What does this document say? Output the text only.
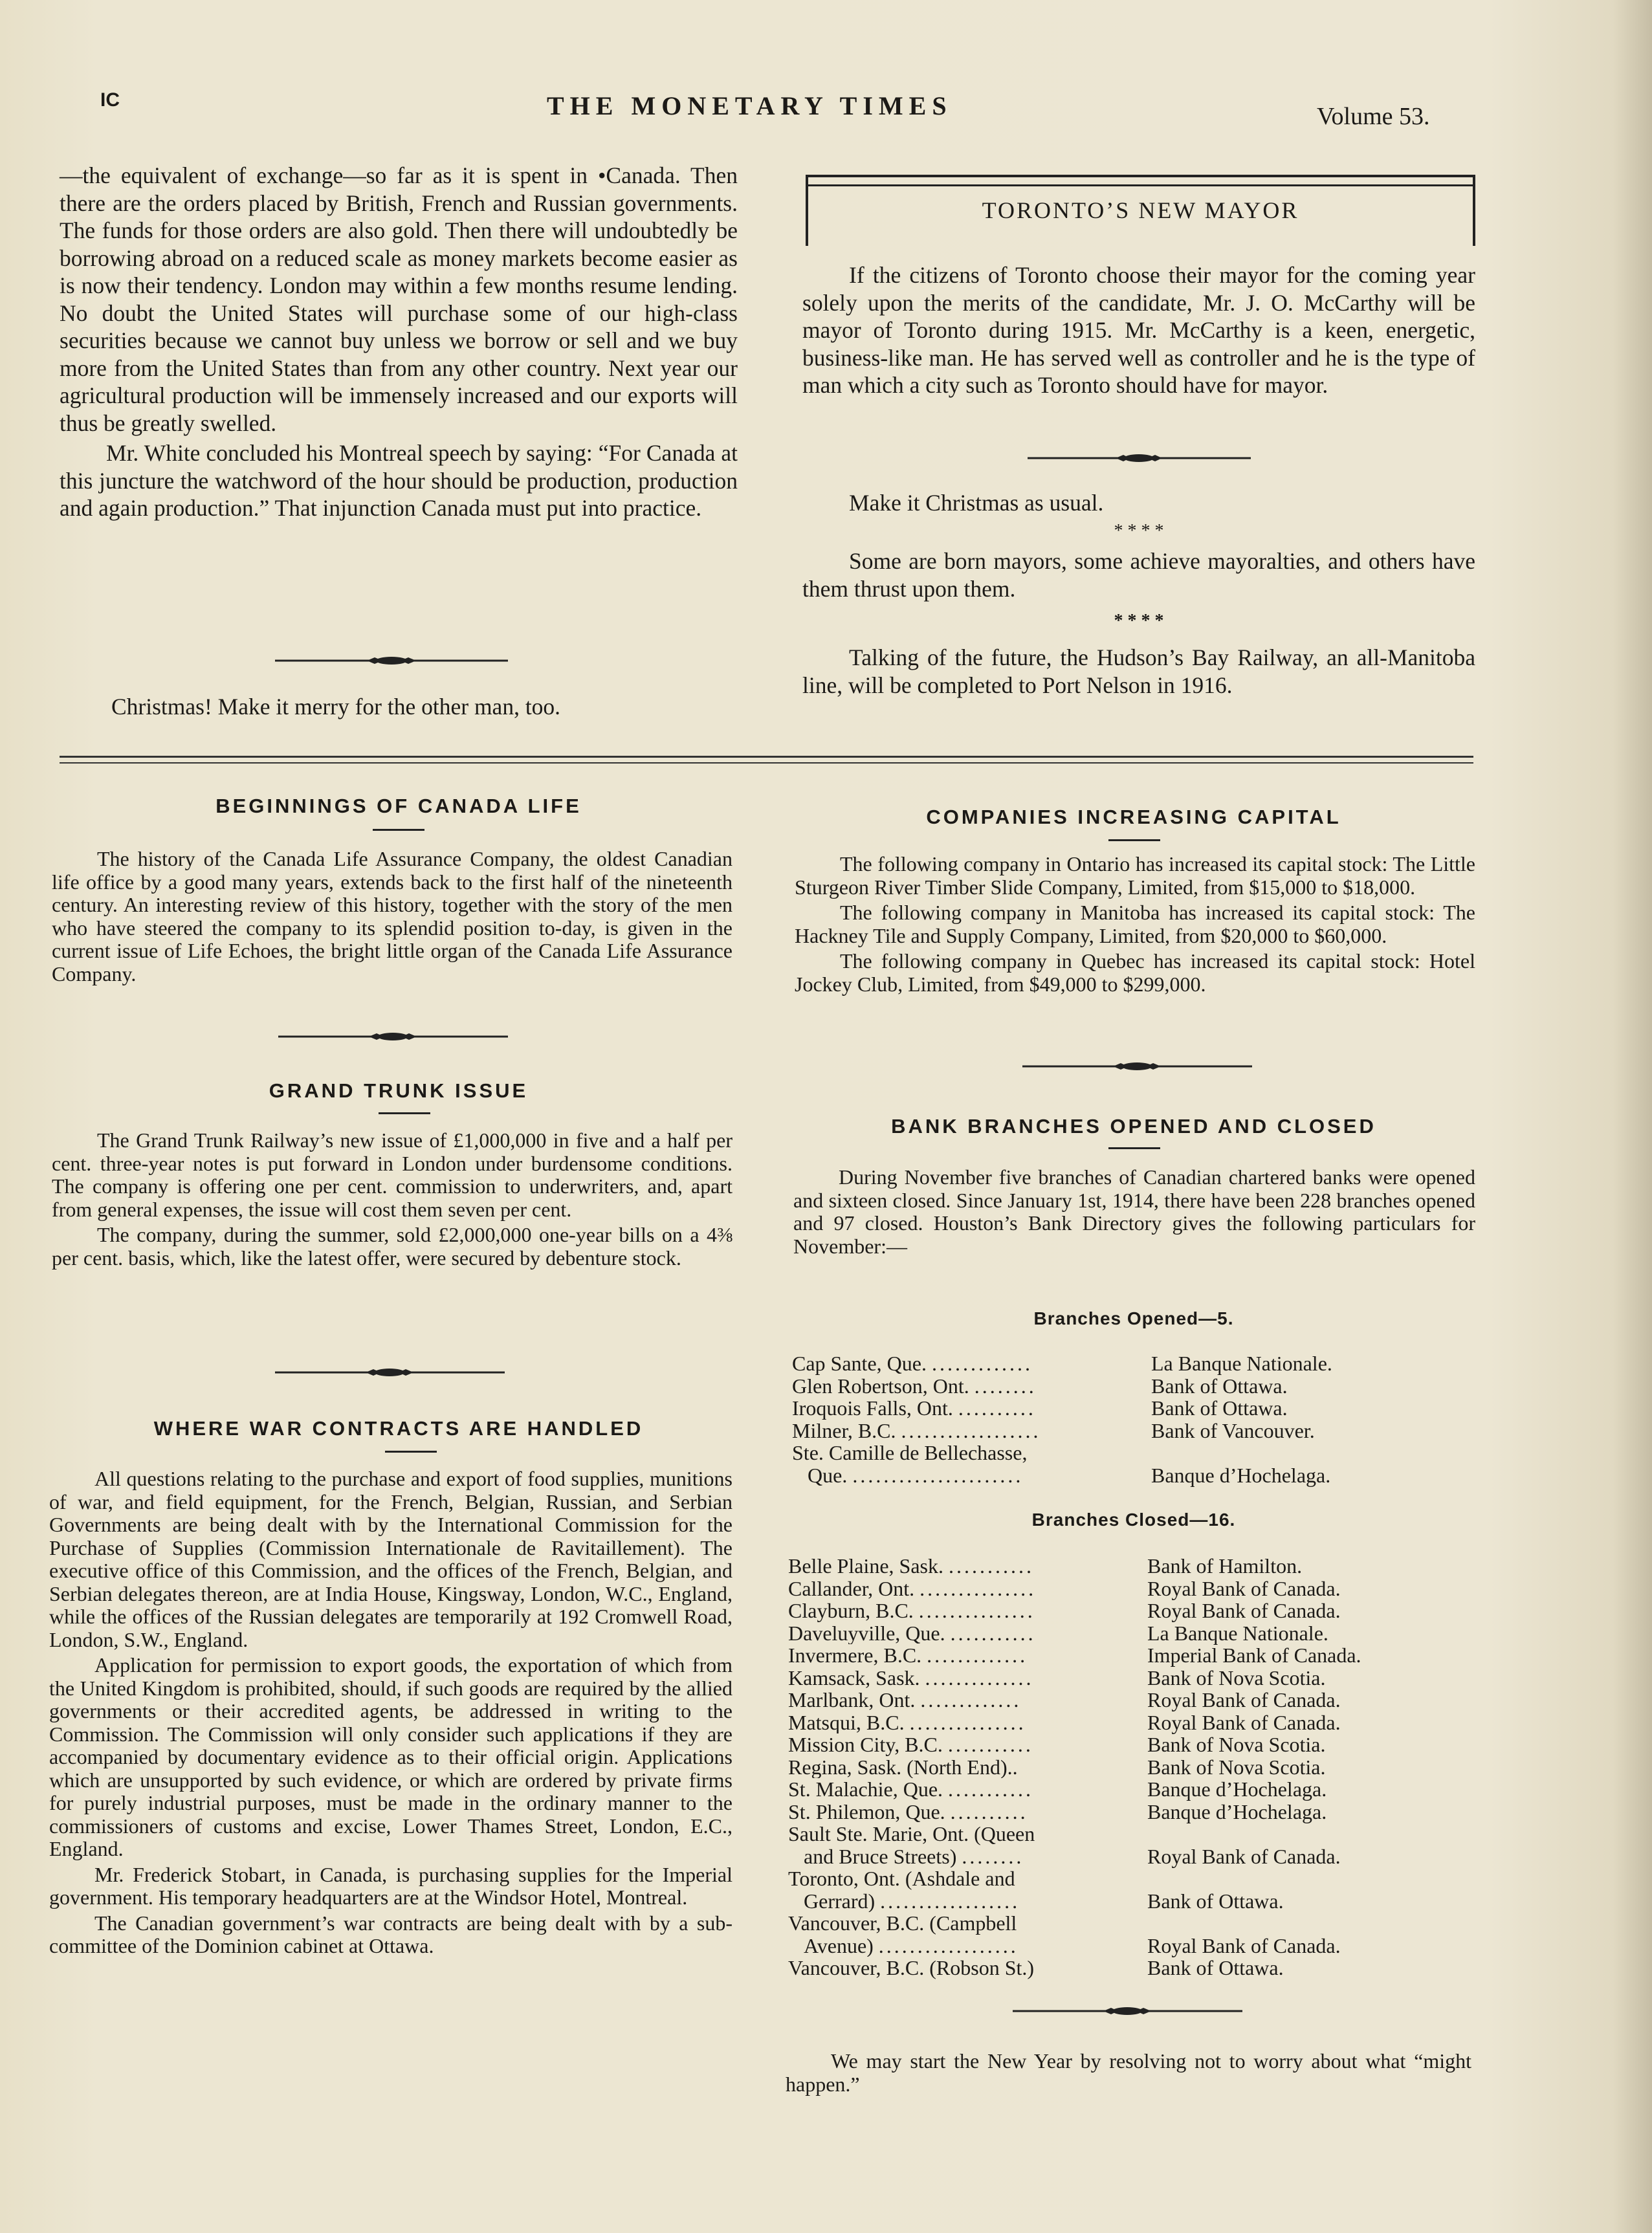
IC	THE MONETARY TIMES	Volume 53.

—the equivalent of exchange—so far as it is spent in •Canada. Then there are the orders placed by British, French and Russian governments. The funds for those orders are also gold. Then there will undoubtedly be borrowing abroad on a reduced scale as money markets become easier as is now their tendency. London may within a few months resume lending. No doubt the United States will purchase some of our high-class securities because we cannot buy unless we borrow or sell and we buy more from the United States than from any other country. Next year our agricultural production will be immensely increased and our exports will thus be greatly swelled.

Mr. White concluded his Montreal speech by saying: “For Canada at this juncture the watchword of the hour should be production, production and again production.” That injunction Canada must put into practice.

Christmas! Make it merry for the other man, too.

TORONTO’S NEW MAYOR

If the citizens of Toronto choose their mayor for the coming year solely upon the merits of the candidate, Mr. J. O. McCarthy will be mayor of Toronto during 1915. Mr. McCarthy is a keen, energetic, business-like man. He has served well as controller and he is the type of man which a city such as Toronto should have for mayor.

Make it Christmas as usual.

* * * *

Some are born mayors, some achieve mayoralties, and others have them thrust upon them.

* * * *

Talking of the future, the Hudson’s Bay Railway, an all-Manitoba line, will be completed to Port Nelson in 1916.

BEGINNINGS OF CANADA LIFE

The history of the Canada Life Assurance Company, the oldest Canadian life office by a good many years, extends back to the first half of the nineteenth century. An interesting review of this history, together with the story of the men who have steered the company to its splendid position to-day, is given in the current issue of Life Echoes, the bright little organ of the Canada Life Assurance Company.

GRAND TRUNK ISSUE

The Grand Trunk Railway’s new issue of £1,000,000 in five and a half per cent. three-year notes is put forward in London under burdensome conditions. The company is offering one per cent. commission to underwriters, and, apart from general expenses, the issue will cost them seven per cent.

The company, during the summer, sold £2,000,000 one-year bills on a 4⅜ per cent. basis, which, like the latest offer, were secured by debenture stock.

WHERE WAR CONTRACTS ARE HANDLED

All questions relating to the purchase and export of food supplies, munitions of war, and field equipment, for the French, Belgian, Russian, and Serbian Governments are being dealt with by the International Commission for the Purchase of Supplies (Commission Internationale de Ravitaillement). The executive office of this Commission, and the offices of the French, Belgian, and Serbian delegates thereon, are at India House, Kingsway, London, W.C., England, while the offices of the Russian delegates are temporarily at 192 Cromwell Road, London, S.W., England.

Application for permission to export goods, the exportation of which from the United Kingdom is prohibited, should, if such goods are required by the allied governments or their accredited agents, be addressed in writing to the Commission. The Commission will only consider such applications if they are accompanied by documentary evidence as to their official origin. Applications which are unsupported by such evidence, or which are ordered by private firms for purely industrial purposes, must be made in the ordinary manner to the commissioners of customs and excise, Lower Thames Street, London, E.C., England.

Mr. Frederick Stobart, in Canada, is purchasing supplies for the Imperial government. His temporary headquarters are at the Windsor Hotel, Montreal.

The Canadian government’s war contracts are being dealt with by a sub-committee of the Dominion cabinet at Ottawa.

COMPANIES INCREASING CAPITAL

The following company in Ontario has increased its capital stock: The Little Sturgeon River Timber Slide Company, Limited, from $15,000 to $18,000.

The following company in Manitoba has increased its capital stock: The Hackney Tile and Supply Company, Limited, from $20,000 to $60,000.

The following company in Quebec has increased its capital stock: Hotel Jockey Club, Limited, from $49,000 to $299,000.

BANK BRANCHES OPENED AND CLOSED

During November five branches of Canadian chartered banks were opened and sixteen closed. Since January 1st, 1914, there have been 228 branches opened and 97 closed. Houston’s Bank Directory gives the following particulars for November:—

Branches Opened—5.
Cap Sante, Que. .............	La Banque Nationale.
Glen Robertson, Ont. ........	Bank of Ottawa.
Iroquois Falls, Ont. ..........	Bank of Ottawa.
Milner, B.C. ..................	Bank of Vancouver.
Ste. Camille de Bellechasse,
Que. ......................	Banque d’Hochelaga.
Branches Closed—16.
Belle Plaine, Sask. ...........	Bank of Hamilton.
Callander, Ont. ...............	Royal Bank of Canada.
Clayburn, B.C. ...............	Royal Bank of Canada.
Daveluyville, Que. ...........	La Banque Nationale.
Invermere, B.C. .............	Imperial Bank of Canada.
Kamsack, Sask. ..............	Bank of Nova Scotia.
Marlbank, Ont. .............	Royal Bank of Canada.
Matsqui, B.C. ...............	Royal Bank of Canada.
Mission City, B.C. ...........	Bank of Nova Scotia.
Regina, Sask. (North End)..	Bank of Nova Scotia.
St. Malachie, Que. ...........	Banque d’Hochelaga.
St. Philemon, Que. ..........	Banque d’Hochelaga.
Sault Ste. Marie, Ont. (Queen
and Bruce Streets) ........	Royal Bank of Canada.
Toronto, Ont. (Ashdale and
Gerrard) ..................	Bank of Ottawa.
Vancouver, B.C. (Campbell
Avenue) ..................	Royal Bank of Canada.
Vancouver, B.C. (Robson St.)	Bank of Ottawa.

We may start the New Year by resolving not to worry about what “might happen.”
